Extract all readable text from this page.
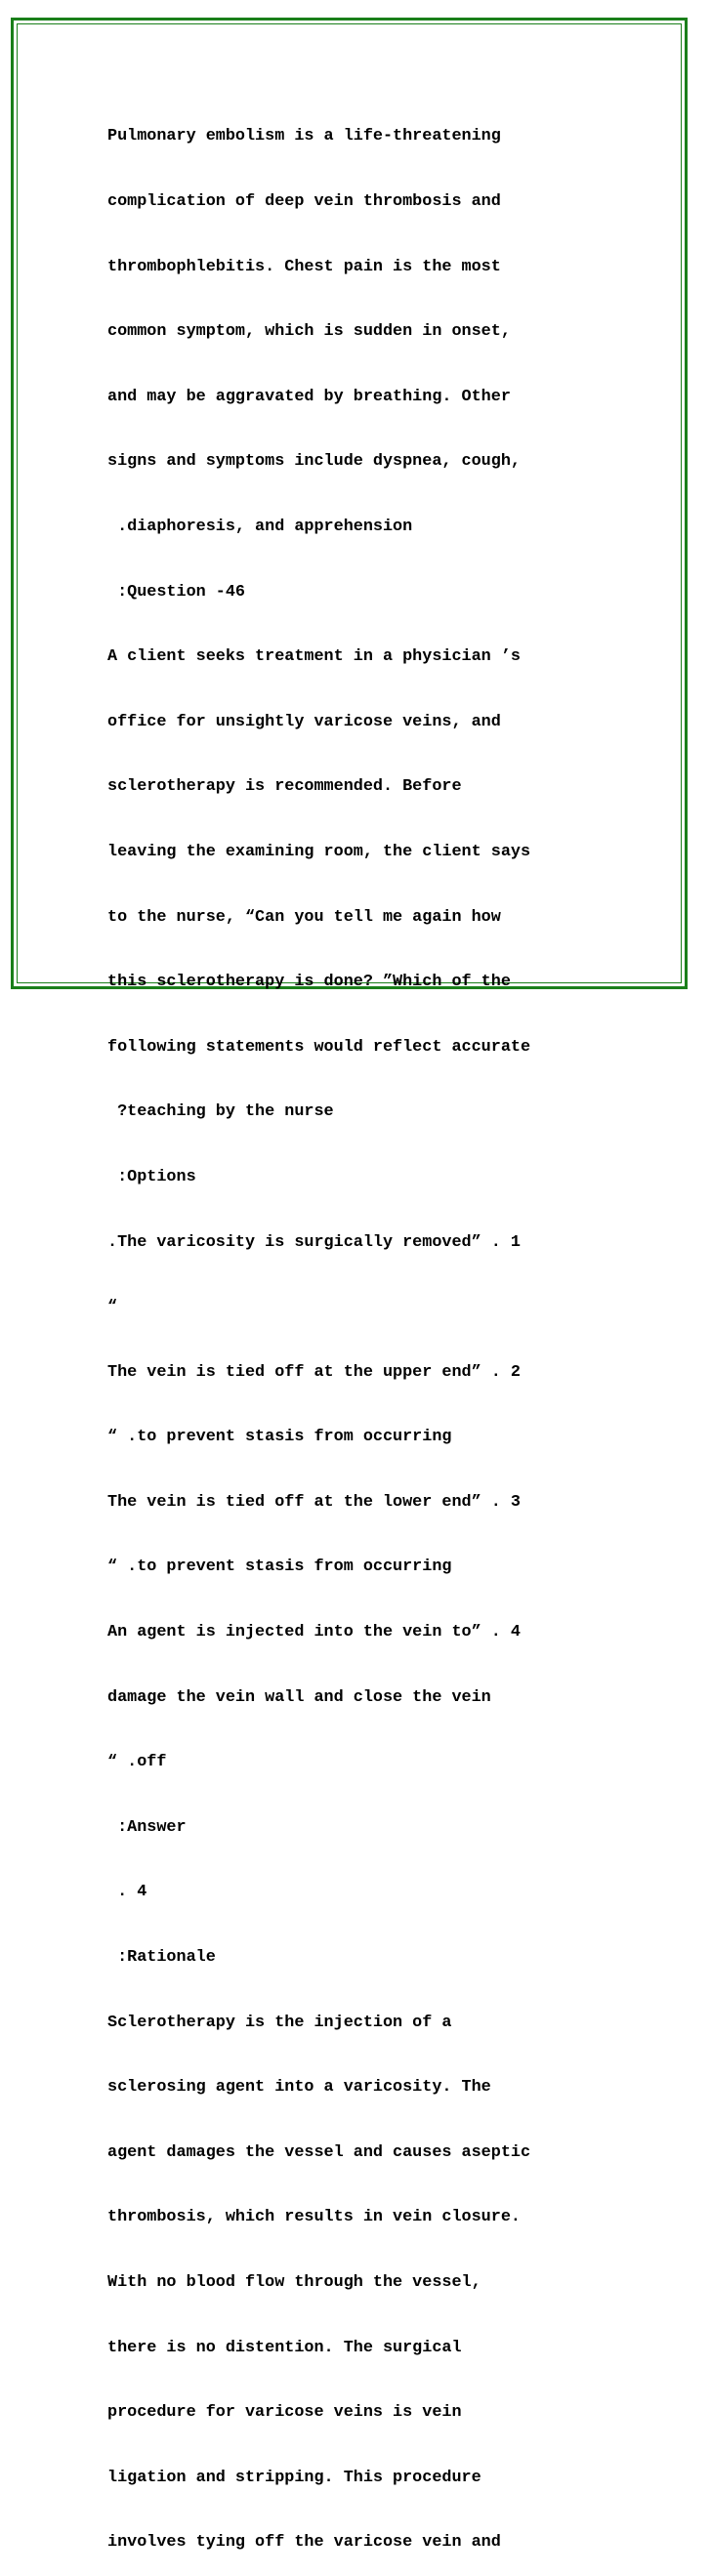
Pulmonary embolism is a life-threatening

complication of deep vein thrombosis and

thrombophlebitis. Chest pain is the most

common symptom, which is sudden in onset,

and may be aggravated by breathing. Other

signs and symptoms include dyspnea, cough,

.diaphoresis, and apprehension

:Question -46

A client seeks treatment in a physician ’s

office for unsightly varicose veins, and

sclerotherapy is recommended. Before

leaving the examining room, the client says

to the nurse, “Can you tell me again how

this sclerotherapy is done? ”Which of the

following statements would reflect accurate

?teaching by the nurse

:Options

.The varicosity is surgically removed” . 1

“

The vein is tied off at the upper end” . 2

“ .to prevent stasis from occurring

The vein is tied off at the lower end” . 3

“ .to prevent stasis from occurring

An agent is injected into the vein to” . 4

damage the vein wall and close the vein

“ .off

:Answer

. 4

:Rationale

Sclerotherapy is the injection of a

sclerosing agent into a varicosity. The

agent damages the vessel and causes aseptic

thrombosis, which results in vein closure.

With no blood flow through the vessel,

there is no distention. The surgical

procedure for varicose veins is vein

ligation and stripping. This procedure

involves tying off the varicose vein and
